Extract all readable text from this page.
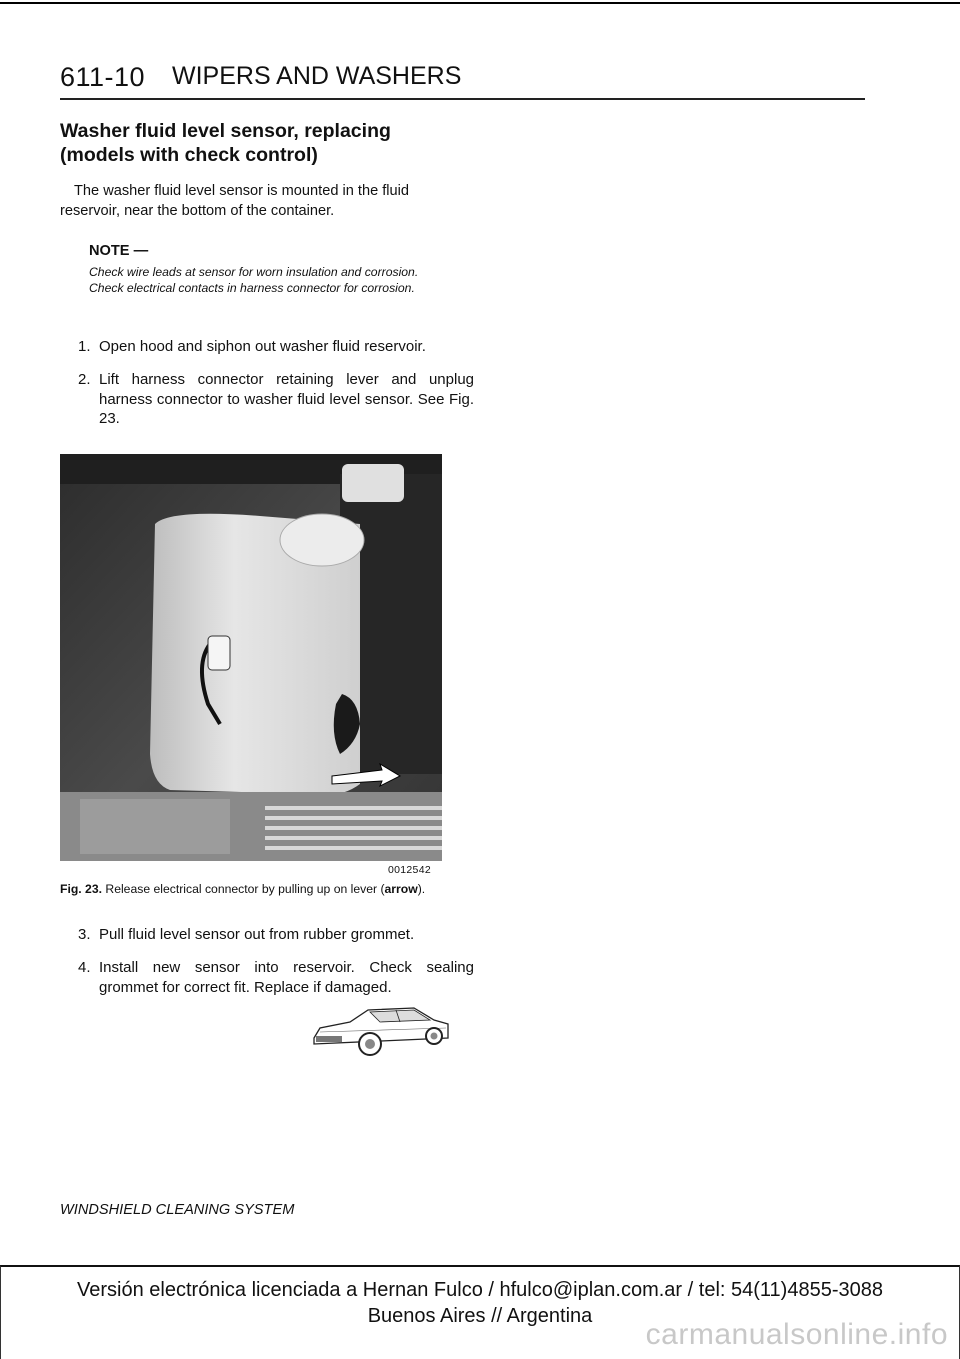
611-10 WIPERS AND WASHERS
Washer fluid level sensor, replacing
(models with check control)
The washer fluid level sensor is mounted in the fluid reservoir, near the bottom of the container.
NOTE —
Check wire leads at sensor for worn insulation and corrosion. Check electrical contacts in harness connector for corrosion.
1. Open hood and siphon out washer fluid reservoir.
2. Lift harness connector retaining lever and unplug harness connector to washer fluid level sensor. See Fig. 23.
0012542
Fig. 23. Release electrical connector by pulling up on lever (arrow).
3. Pull fluid level sensor out from rubber grommet.
4. Install new sensor into reservoir. Check sealing grommet for correct fit. Replace if damaged.
WINDSHIELD CLEANING SYSTEM
Versión electrónica licenciada a Hernan Fulco / hfulco@iplan.com.ar / tel: 54(11)4855-3088
Buenos Aires // Argentina
carmanualsonline.info
